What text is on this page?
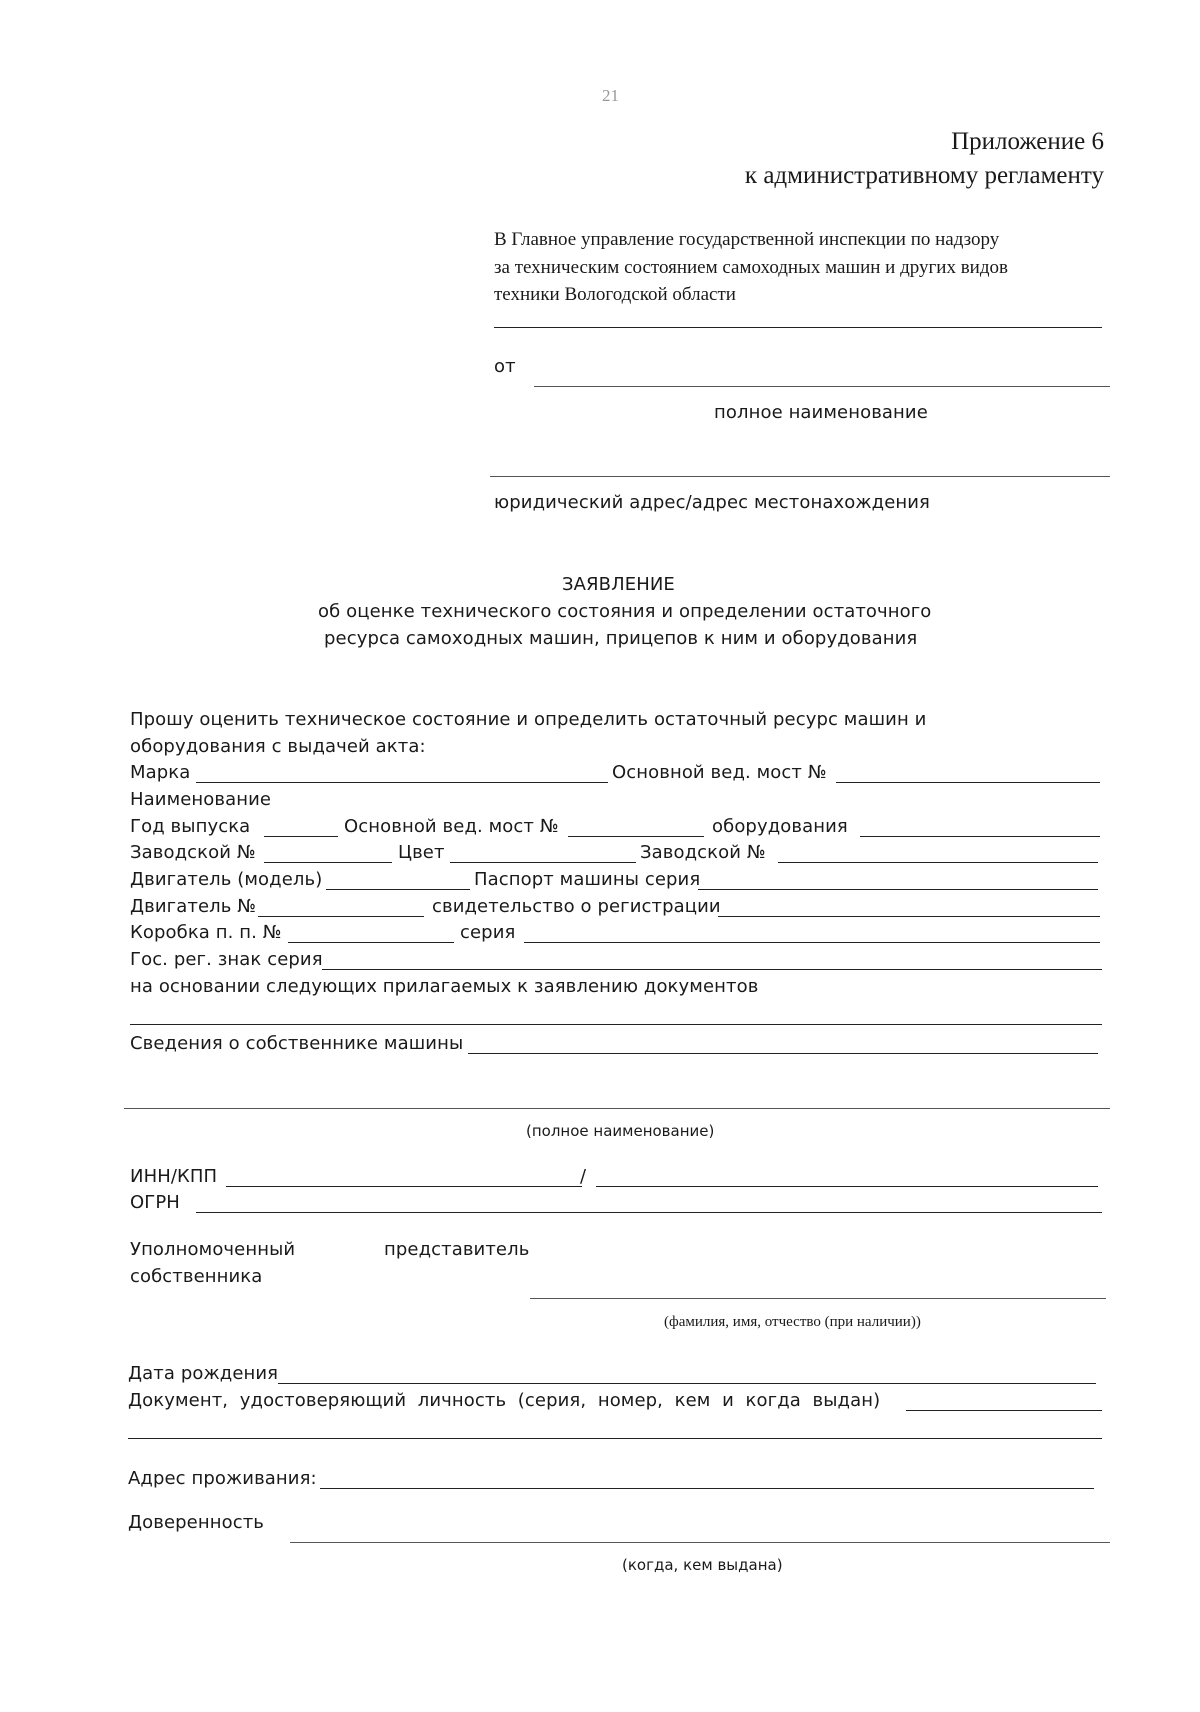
21
Приложение 6
к административному регламенту
В Главное управление государственной инспекции по надзору
за техническим состоянием самоходных машин и других видов
техники Вологодской области
от
полное наименование
юридический адрес/адрес местонахождения
ЗАЯВЛЕНИЕ
об оценке технического состояния и определении остаточного
ресурса самоходных машин, прицепов к ним и оборудования
Прошу оценить техническое состояние и определить остаточный ресурс машин и
оборудования с выдачей акта:
Марка	Основной вед. мост №
Наименование
Год выпуска	Основной вед. мост №	оборудования
Заводской №	Цвет	Заводской №
Двигатель (модель)	Паспорт машины серия
Двигатель №	свидетельство о регистрации
Коробка п. п. №	серия
Гос. рег. знак серия
на основании следующих прилагаемых к заявлению документов
Сведения о собственнике машины
(полное наименование)
ИНН/КПП	/
ОГРН
Уполномоченный	представитель
собственника
(фамилия, имя, отчество (при наличии))
Дата рождения
Документ,  удостоверяющий  личность  (серия,  номер,  кем  и  когда  выдан)
Адрес проживания:
Доверенность
(когда, кем выдана)
